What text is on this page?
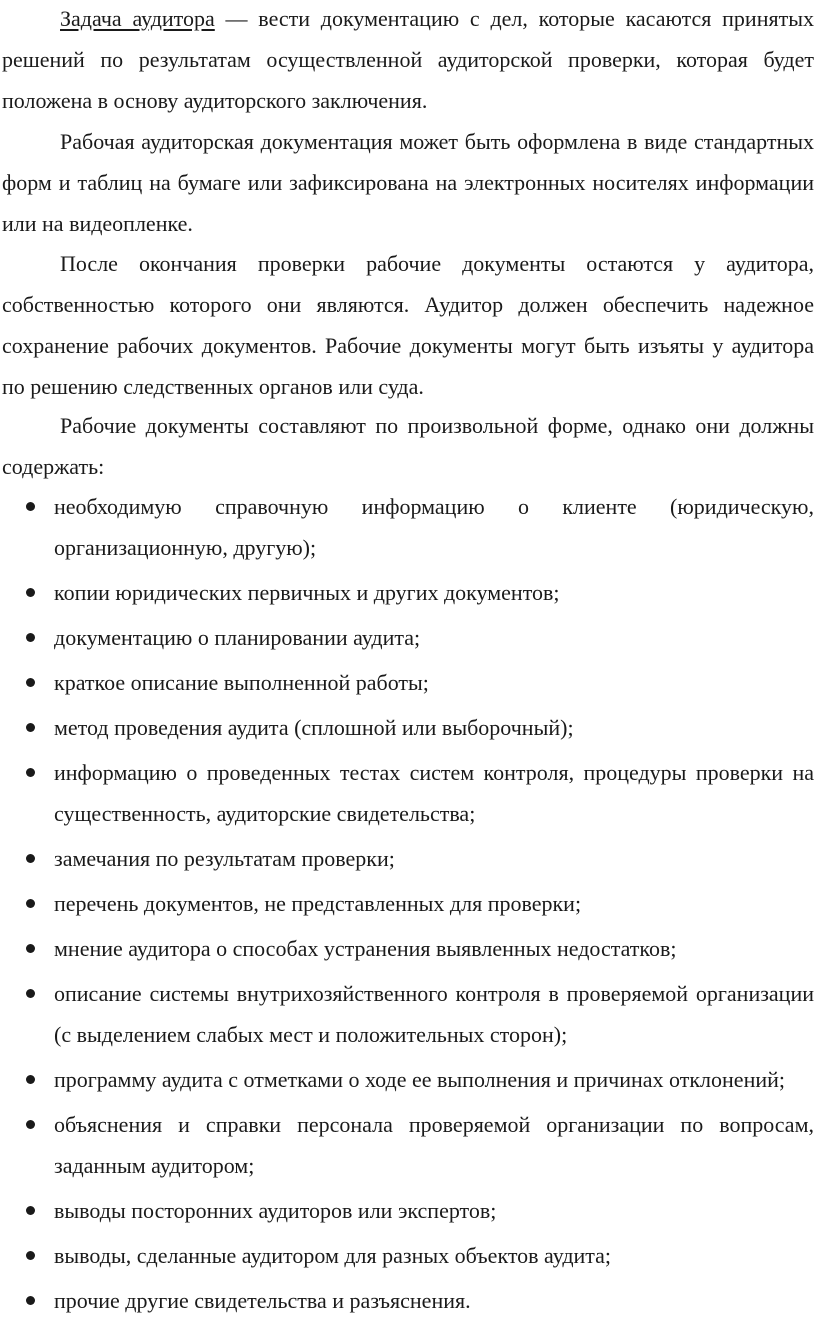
Задача аудитора — вести документацию с дел, которые касаются принятых решений по результатам осуществленной аудиторской проверки, которая будет положена в основу аудиторского заключения.

Рабочая аудиторская документация может быть оформлена в виде стандартных форм и таблиц на бумаге или зафиксирована на электронных носителях информации или на видеопленке.

После окончания проверки рабочие документы остаются у аудитора, собственностью которого они являются. Аудитор должен обеспечить надежное сохранение рабочих документов. Рабочие документы могут быть изъяты у аудитора по решению следственных органов или суда.

Рабочие документы составляют по произвольной форме, однако они должны содержать:

необходимую справочную информацию о клиенте (юридическую, организационную, другую);
копии юридических первичных и других документов;
документацию о планировании аудита;
краткое описание выполненной работы;
метод проведения аудита (сплошной или выборочный);
информацию о проведенных тестах систем контроля, процедуры проверки на существенность, аудиторские свидетельства;
замечания по результатам проверки;
перечень документов, не представленных для проверки;
мнение аудитора о способах устранения выявленных недостатков;
описание системы внутрихозяйственного контроля в проверяемой организации (с выделением слабых мест и положительных сторон);
программу аудита с отметками о ходе ее выполнения и причинах отклонений;
объяснения и справки персонала проверяемой организации по вопросам, заданным аудитором;
выводы посторонних аудиторов или экспертов;
выводы, сделанные аудитором для разных объектов аудита;
прочие другие свидетельства и разъяснения.
